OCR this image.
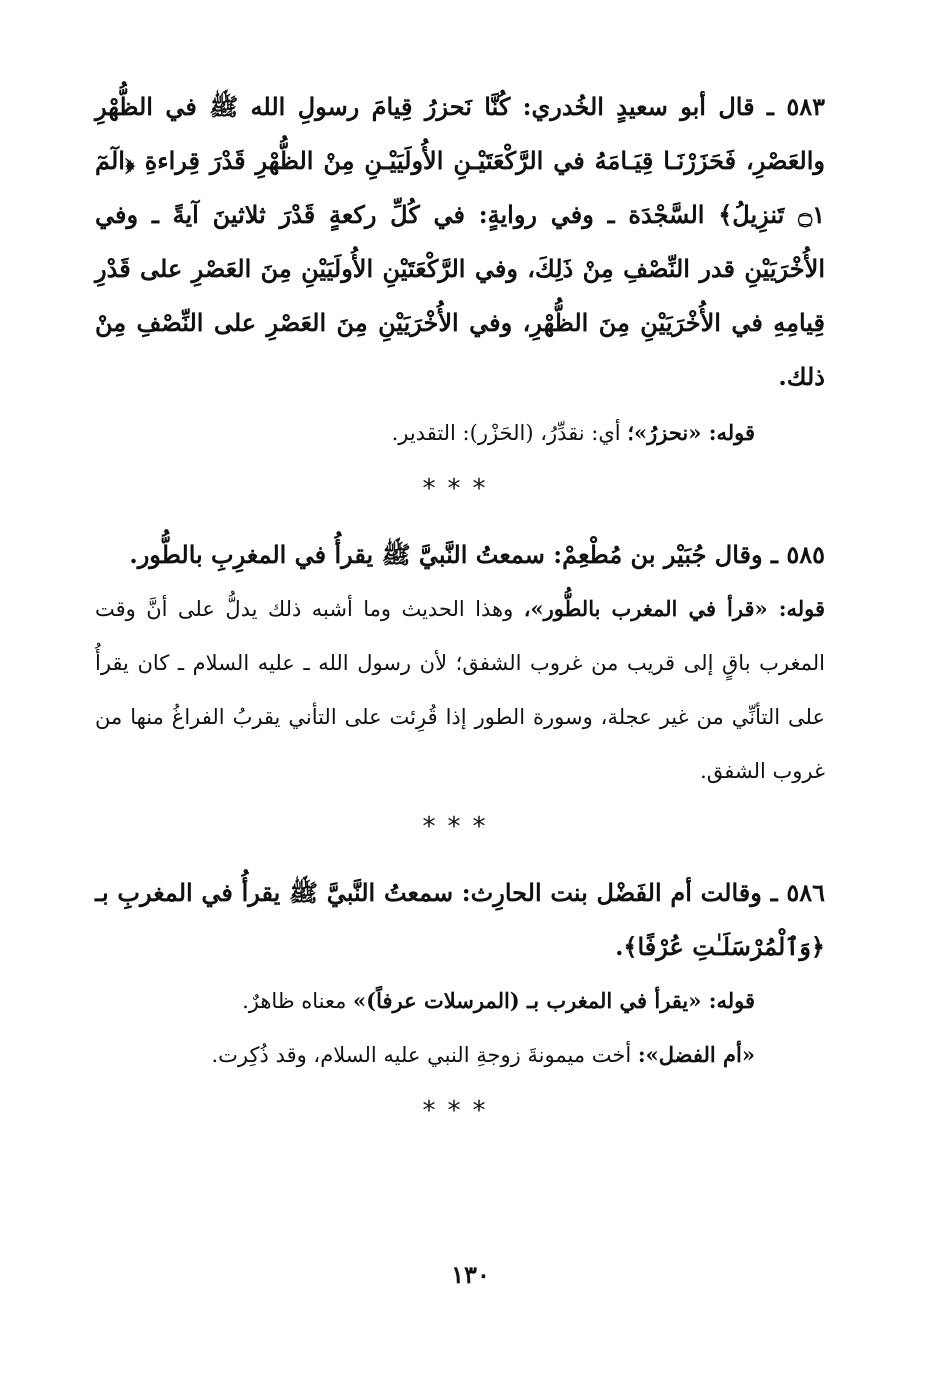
٥٨٣ ـ قال أبو سعيدٍ الخُدري: كُنَّا نَحزرُ قِيامَ رسولِ الله ﷺ في الظُّهْرِ والعَصْرِ، فَحَزَرْنَـا قِيَـامَهُ في الرَّكْعَتَيْـنِ الأُولَيَيْـنِ مِنْ الظُّهْرِ قَدْرَ قِراءةِ ﴿الٓمٓ ۝١ تَنزِيلُ﴾ السَّجْدَة ـ وفي روايةٍ: في كُلِّ ركعةٍ قَدْرَ ثلاثينَ آيةً ـ وفي الأُخْرَيَيْنِ قدر النِّصْفِ مِنْ ذَلِكَ، وفي الرَّكْعَتَيْنِ الأُولَيَيْنِ مِنَ العَصْرِ على قَدْرِ قِيامِهِ في الأُخْرَيَيْنِ مِنَ الظُّهْرِ، وفي الأُخْرَيَيْنِ مِنَ العَصْرِ على النِّصْفِ مِنْ ذلك.

قوله: «نحزرُ»؛ أي: نقدِّرُ، (الحَزْر): التقدير.

***

٥٨٥ ـ وقال جُبَيْر بن مُطْعِمْ: سمعتُ النَّبيَّ ﷺ يقرأُ في المغرِبِ بالطُّور.

قوله: «قرأ في المغرب بالطُّور»، وهذا الحديث وما أشبه ذلك يدلُّ على أنَّ وقت المغرب باقٍ إلى قريب من غروب الشفق؛ لأن رسول الله ـ عليه السلام ـ كان يقرأُ على التأنِّي من غير عجلة، وسورة الطور إذا قُرِئت على التأني يقربُ الفراغُ منها من غروب الشفق.

***

٥٨٦ ـ وقالت أم الفَضْل بنت الحارِث: سمعتُ النَّبيَّ ﷺ يقرأُ في المغربِ بـ ﴿وَٱلْمُرْسَلَـٰتِ عُرْفًا﴾.

قوله: «يقرأ في المغرب بـ (المرسلات عرفاً)» معناه ظاهرٌ.

«أم الفضل»: أخت ميمونةَ زوجةِ النبي عليه السلام، وقد ذُكِرت.

***

١٣٠
